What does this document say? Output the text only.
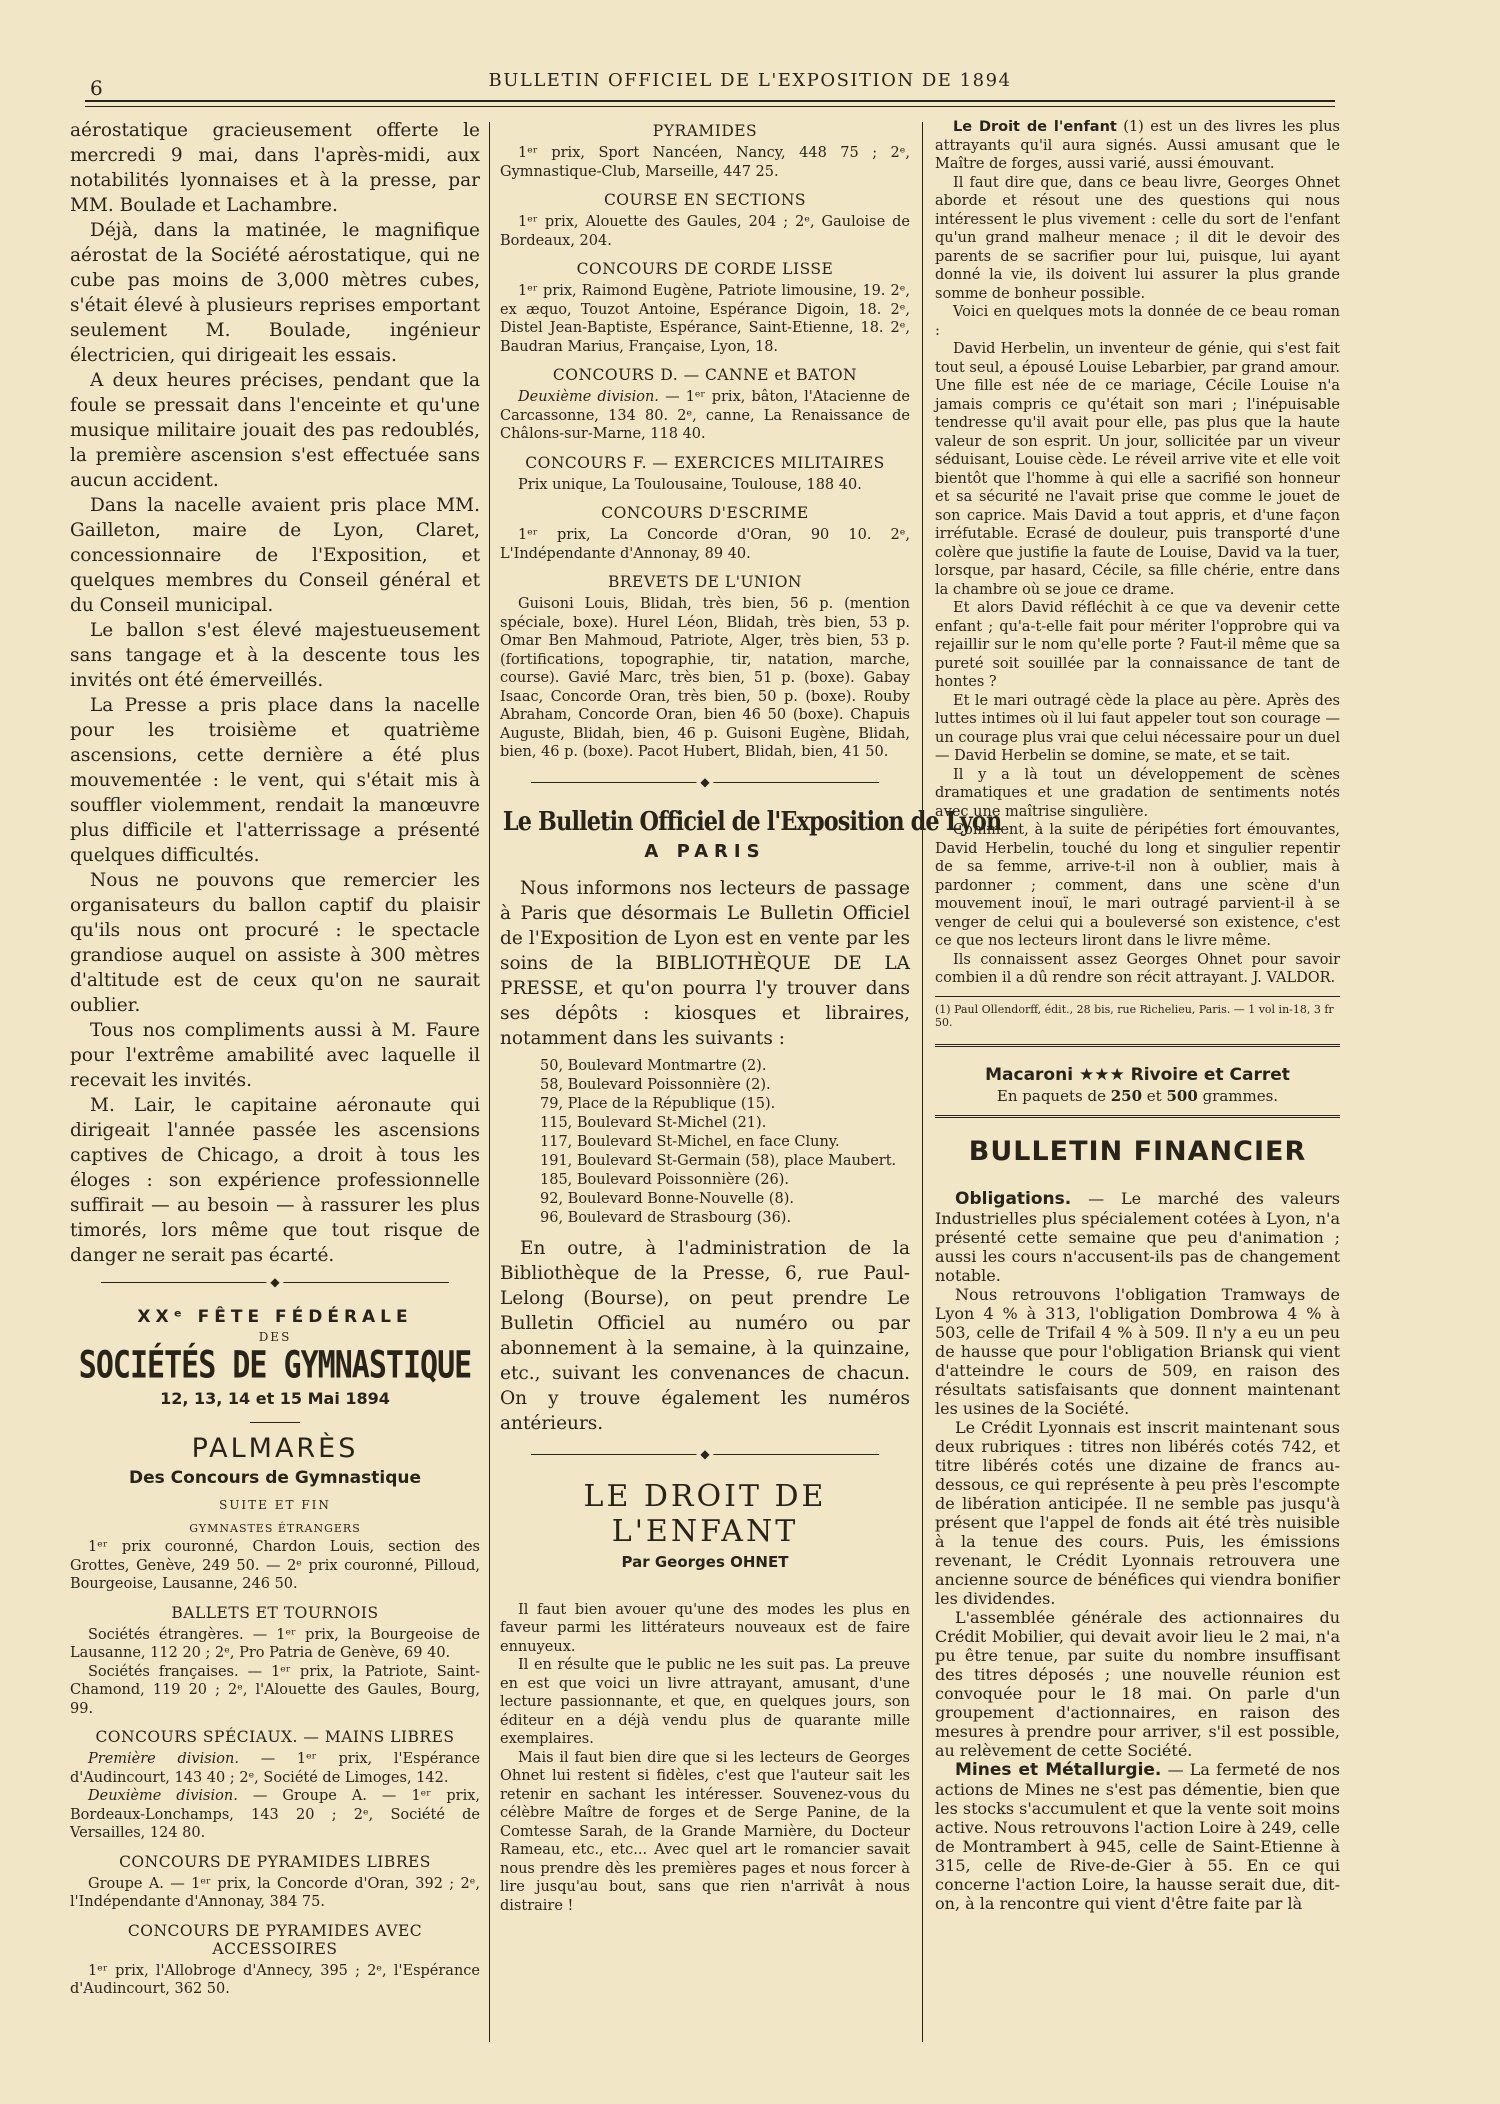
6	BULLETIN OFFICIEL DE L'EXPOSITION DE 1894

aérostatique gracieusement offerte le mercredi 9 mai, dans l'après-midi, aux notabilités lyonnaises et à la presse, par MM. Boulade et Lachambre.

Déjà, dans la matinée, le magnifique aérostat de la Société aérostatique, qui ne cube pas moins de 3,000 mètres cubes, s'était élevé à plusieurs reprises emportant seulement M. Boulade, ingénieur électricien, qui dirigeait les essais.

A deux heures précises, pendant que la foule se pressait dans l'enceinte et qu'une musique militaire jouait des pas redoublés, la première ascension s'est effectuée sans aucun accident.

Dans la nacelle avaient pris place MM. Gailleton, maire de Lyon, Claret, concessionnaire de l'Exposition, et quelques membres du Conseil général et du Conseil municipal.

Le ballon s'est élevé majestueusement sans tangage et à la descente tous les invités ont été émerveillés.

La Presse a pris place dans la nacelle pour les troisième et quatrième ascensions, cette dernière a été plus mouvementée : le vent, qui s'était mis à souffler violemment, rendait la manœuvre plus difficile et l'atterrissage a présenté quelques difficultés.

Nous ne pouvons que remercier les organisateurs du ballon captif du plaisir qu'ils nous ont procuré : le spectacle grandiose auquel on assiste à 300 mètres d'altitude est de ceux qu'on ne saurait oublier.

Tous nos compliments aussi à M. Faure pour l'extrême amabilité avec laquelle il recevait les invités.

M. Lair, le capitaine aéronaute qui dirigeait l'année passée les ascensions captives de Chicago, a droit à tous les éloges : son expérience professionnelle suffirait — au besoin — à rassurer les plus timorés, lors même que tout risque de danger ne serait pas écarté.

◆
XXᵉ FÊTE FÉDÉRALE
DES
SOCIÉTÉS DE GYMNASTIQUE
12, 13, 14 et 15 Mai 1894
PALMARÈS
Des Concours de Gymnastique
SUITE ET FIN
GYMNASTES ÉTRANGERS

1ᵉʳ prix couronné, Chardon Louis, section des Grottes, Genève, 249 50. — 2ᵉ prix couronné, Pilloud, Bourgeoise, Lausanne, 246 50.

BALLETS ET TOURNOIS

Sociétés étrangères. — 1ᵉʳ prix, la Bourgeoise de Lausanne, 112 20 ; 2ᵉ, Pro Patria de Genève, 69 40.

Sociétés françaises. — 1ᵉʳ prix, la Patriote, Saint-Chamond, 119 20 ; 2ᵉ, l'Alouette des Gaules, Bourg, 99.

CONCOURS SPÉCIAUX. — MAINS LIBRES

Première division. — 1ᵉʳ prix, l'Espérance d'Audincourt, 143 40 ; 2ᵉ, Société de Limoges, 142.

Deuxième division. — Groupe A. — 1ᵉʳ prix, Bordeaux-Lonchamps, 143 20 ; 2ᵉ, Société de Versailles, 124 80.

CONCOURS DE PYRAMIDES LIBRES

Groupe A. — 1ᵉʳ prix, la Concorde d'Oran, 392 ; 2ᵉ, l'Indépendante d'Annonay, 384 75.

CONCOURS DE PYRAMIDES AVEC ACCESSOIRES

1ᵉʳ prix, l'Allobroge d'Annecy, 395 ; 2ᵉ, l'Espérance d'Audincourt, 362 50.

PYRAMIDES

1ᵉʳ prix, Sport Nancéen, Nancy, 448 75 ; 2ᵉ, Gymnastique-Club, Marseille, 447 25.

COURSE EN SECTIONS

1ᵉʳ prix, Alouette des Gaules, 204 ; 2ᵉ, Gauloise de Bordeaux, 204.

CONCOURS DE CORDE LISSE

1ᵉʳ prix, Raimond Eugène, Patriote limousine, 19. 2ᵉ, ex æquo, Touzot Antoine, Espérance Digoin, 18. 2ᵉ, Distel Jean-Baptiste, Espérance, Saint-Etienne, 18. 2ᵉ, Baudran Marius, Française, Lyon, 18.

CONCOURS D. — CANNE et BATON

Deuxième division. — 1ᵉʳ prix, bâton, l'Atacienne de Carcassonne, 134 80. 2ᵉ, canne, La Renaissance de Châlons-sur-Marne, 118 40.

CONCOURS F. — EXERCICES MILITAIRES

Prix unique, La Toulousaine, Toulouse, 188 40.

CONCOURS D'ESCRIME

1ᵉʳ prix, La Concorde d'Oran, 90 10. 2ᵉ, L'Indépendante d'Annonay, 89 40.

BREVETS DE L'UNION

Guisoni Louis, Blidah, très bien, 56 p. (mention spéciale, boxe). Hurel Léon, Blidah, très bien, 53 p. Omar Ben Mahmoud, Patriote, Alger, très bien, 53 p. (fortifications, topographie, tir, natation, marche, course). Gavié Marc, très bien, 51 p. (boxe). Gabay Isaac, Concorde Oran, très bien, 50 p. (boxe). Rouby Abraham, Concorde Oran, bien 46 50 (boxe). Chapuis Auguste, Blidah, bien, 46 p. Guisoni Eugène, Blidah, bien, 46 p. (boxe). Pacot Hubert, Blidah, bien, 41 50.

◆
Le Bulletin Officiel de l'Exposition de Lyon
A PARIS

Nous informons nos lecteurs de passage à Paris que désormais Le Bulletin Officiel de l'Exposition de Lyon est en vente par les soins de la BIBLIOTHÈQUE DE LA PRESSE, et qu'on pourra l'y trouver dans ses dépôts : kiosques et libraires, notamment dans les suivants :

50, Boulevard Montmartre (2).
58, Boulevard Poissonnière (2).
79, Place de la République (15).
115, Boulevard St-Michel (21).
117, Boulevard St-Michel, en face Cluny.
191, Boulevard St-Germain (58), place Maubert.
185, Boulevard Poissonnière (26).
92, Boulevard Bonne-Nouvelle (8).
96, Boulevard de Strasbourg (36).

En outre, à l'administration de la Bibliothèque de la Presse, 6, rue Paul-Lelong (Bourse), on peut prendre Le Bulletin Officiel au numéro ou par abonnement à la semaine, à la quinzaine, etc., suivant les convenances de chacun. On y trouve également les numéros antérieurs.

◆
LE DROIT DE L'ENFANT
Par Georges OHNET

Il faut bien avouer qu'une des modes les plus en faveur parmi les littérateurs nouveaux est de faire ennuyeux.

Il en résulte que le public ne les suit pas. La preuve en est que voici un livre attrayant, amusant, d'une lecture passionnante, et que, en quelques jours, son éditeur en a déjà vendu plus de quarante mille exemplaires.

Mais il faut bien dire que si les lecteurs de Georges Ohnet lui restent si fidèles, c'est que l'auteur sait les retenir en sachant les intéresser. Souvenez-vous du célèbre Maître de forges et de Serge Panine, de la Comtesse Sarah, de la Grande Marnière, du Docteur Rameau, etc., etc... Avec quel art le romancier savait nous prendre dès les premières pages et nous forcer à lire jusqu'au bout, sans que rien n'arrivât à nous distraire !

Le Droit de l'enfant (1) est un des livres les plus attrayants qu'il aura signés. Aussi amusant que le Maître de forges, aussi varié, aussi émouvant.

Il faut dire que, dans ce beau livre, Georges Ohnet aborde et résout une des questions qui nous intéressent le plus vivement : celle du sort de l'enfant qu'un grand malheur menace ; il dit le devoir des parents de se sacrifier pour lui, puisque, lui ayant donné la vie, ils doivent lui assurer la plus grande somme de bonheur possible.

Voici en quelques mots la donnée de ce beau roman :

David Herbelin, un inventeur de génie, qui s'est fait tout seul, a épousé Louise Lebarbier, par grand amour. Une fille est née de ce mariage, Cécile Louise n'a jamais compris ce qu'était son mari ; l'inépuisable tendresse qu'il avait pour elle, pas plus que la haute valeur de son esprit. Un jour, sollicitée par un viveur séduisant, Louise cède. Le réveil arrive vite et elle voit bientôt que l'homme à qui elle a sacrifié son honneur et sa sécurité ne l'avait prise que comme le jouet de son caprice. Mais David a tout appris, et d'une façon irréfutable. Ecrasé de douleur, puis transporté d'une colère que justifie la faute de Louise, David va la tuer, lorsque, par hasard, Cécile, sa fille chérie, entre dans la chambre où se joue ce drame.

Et alors David réfléchit à ce que va devenir cette enfant ; qu'a-t-elle fait pour mériter l'opprobre qui va rejaillir sur le nom qu'elle porte ? Faut-il même que sa pureté soit souillée par la connaissance de tant de hontes ?

Et le mari outragé cède la place au père. Après des luttes intimes où il lui faut appeler tout son courage — un courage plus vrai que celui nécessaire pour un duel — David Herbelin se domine, se mate, et se tait.

Il y a là tout un développement de scènes dramatiques et une gradation de sentiments notés avec une maîtrise singulière.

Comment, à la suite de péripéties fort émouvantes, David Herbelin, touché du long et singulier repentir de sa femme, arrive-t-il non à oublier, mais à pardonner ; comment, dans une scène d'un mouvement inouï, le mari outragé parvient-il à se venger de celui qui a bouleversé son existence, c'est ce que nos lecteurs liront dans le livre même.

Ils connaissent assez Georges Ohnet pour savoir combien il a dû rendre son récit attrayant. J. VALDOR.

(1) Paul Ollendorff, édit., 28 bis, rue Richelieu, Paris. — 1 vol in-18, 3 fr 50.
Macaroni ★★★ Rivoire et Carret
En paquets de 250 et 500 grammes.
BULLETIN FINANCIER

Obligations. — Le marché des valeurs Industrielles plus spécialement cotées à Lyon, n'a présenté cette semaine que peu d'animation ; aussi les cours n'accusent-ils pas de changement notable.

Nous retrouvons l'obligation Tramways de Lyon 4 % à 313, l'obligation Dombrowa 4 % à 503, celle de Trifail 4 % à 509. Il n'y a eu un peu de hausse que pour l'obligation Briansk qui vient d'atteindre le cours de 509, en raison des résultats satisfaisants que donnent maintenant les usines de la Société.

Le Crédit Lyonnais est inscrit maintenant sous deux rubriques : titres non libérés cotés 742, et titre libérés cotés une dizaine de francs au-dessous, ce qui représente à peu près l'escompte de libération anticipée. Il ne semble pas jusqu'à présent que l'appel de fonds ait été très nuisible à la tenue des cours. Puis, les émissions revenant, le Crédit Lyonnais retrouvera une ancienne source de bénéfices qui viendra bonifier les dividendes.

L'assemblée générale des actionnaires du Crédit Mobilier, qui devait avoir lieu le 2 mai, n'a pu être tenue, par suite du nombre insuffisant des titres déposés ; une nouvelle réunion est convoquée pour le 18 mai. On parle d'un groupement d'actionnaires, en raison des mesures à prendre pour arriver, s'il est possible, au relèvement de cette Société.

Mines et Métallurgie. — La fermeté de nos actions de Mines ne s'est pas démentie, bien que les stocks s'accumulent et que la vente soit moins active. Nous retrouvons l'action Loire à 249, celle de Montrambert à 945, celle de Saint-Etienne à 315, celle de Rive-de-Gier à 55. En ce qui concerne l'action Loire, la hausse serait due, dit-on, à la rencontre qui vient d'être faite par là
